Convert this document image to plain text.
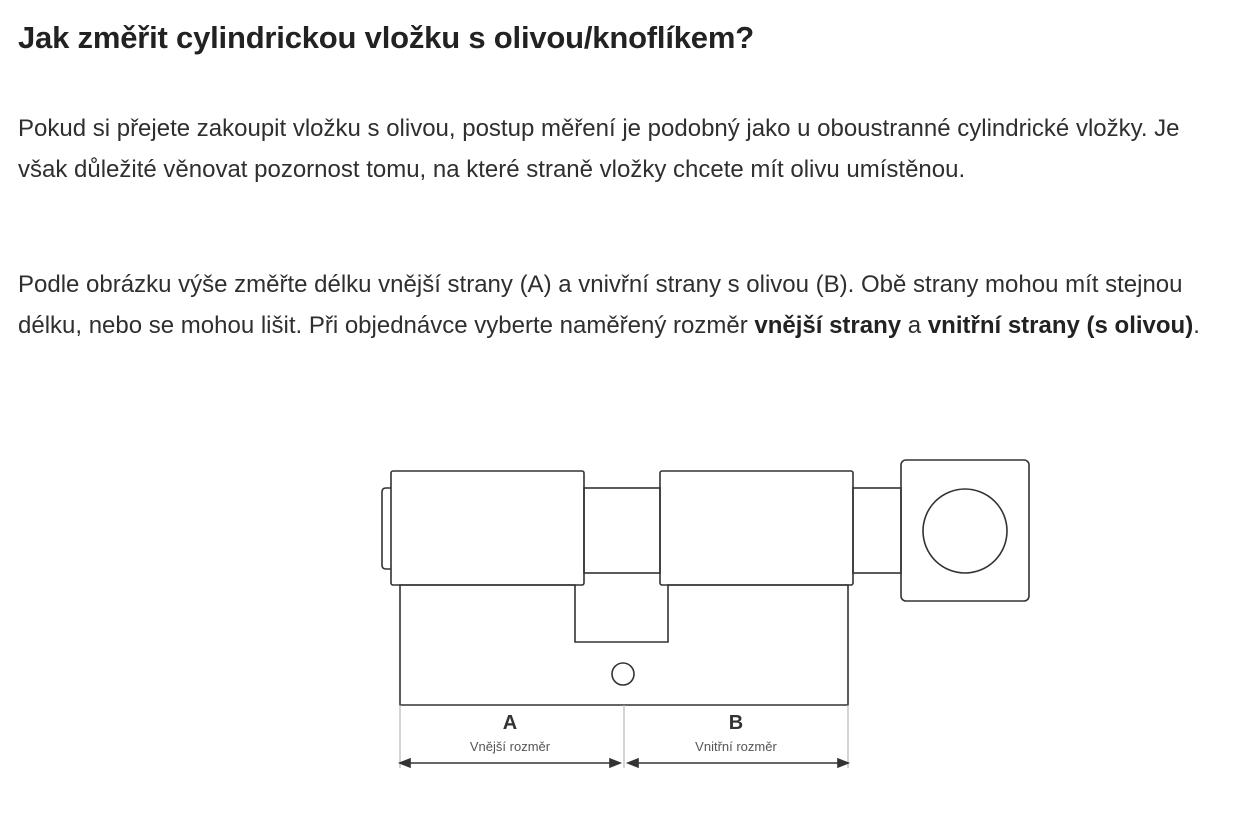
Jak změřit cylindrickou vložku s olivou/knoflíkem?

Pokud si přejete zakoupit vložku s olivou, postup měření je podobný jako u oboustranné cylindrické vložky. Je však důležité věnovat pozornost tomu, na které straně vložky chcete mít olivu umístěnou.

Podle obrázku výše změřte délku vnější strany (A) a vnivřní strany s olivou (B). Obě strany mohou mít stejnou délku, nebo se mohou lišit. Při objednávce vyberte naměřený rozměr vnější strany a vnitřní strany (s olivou).

A
Vnější rozměr
B
Vnitřní rozměr
